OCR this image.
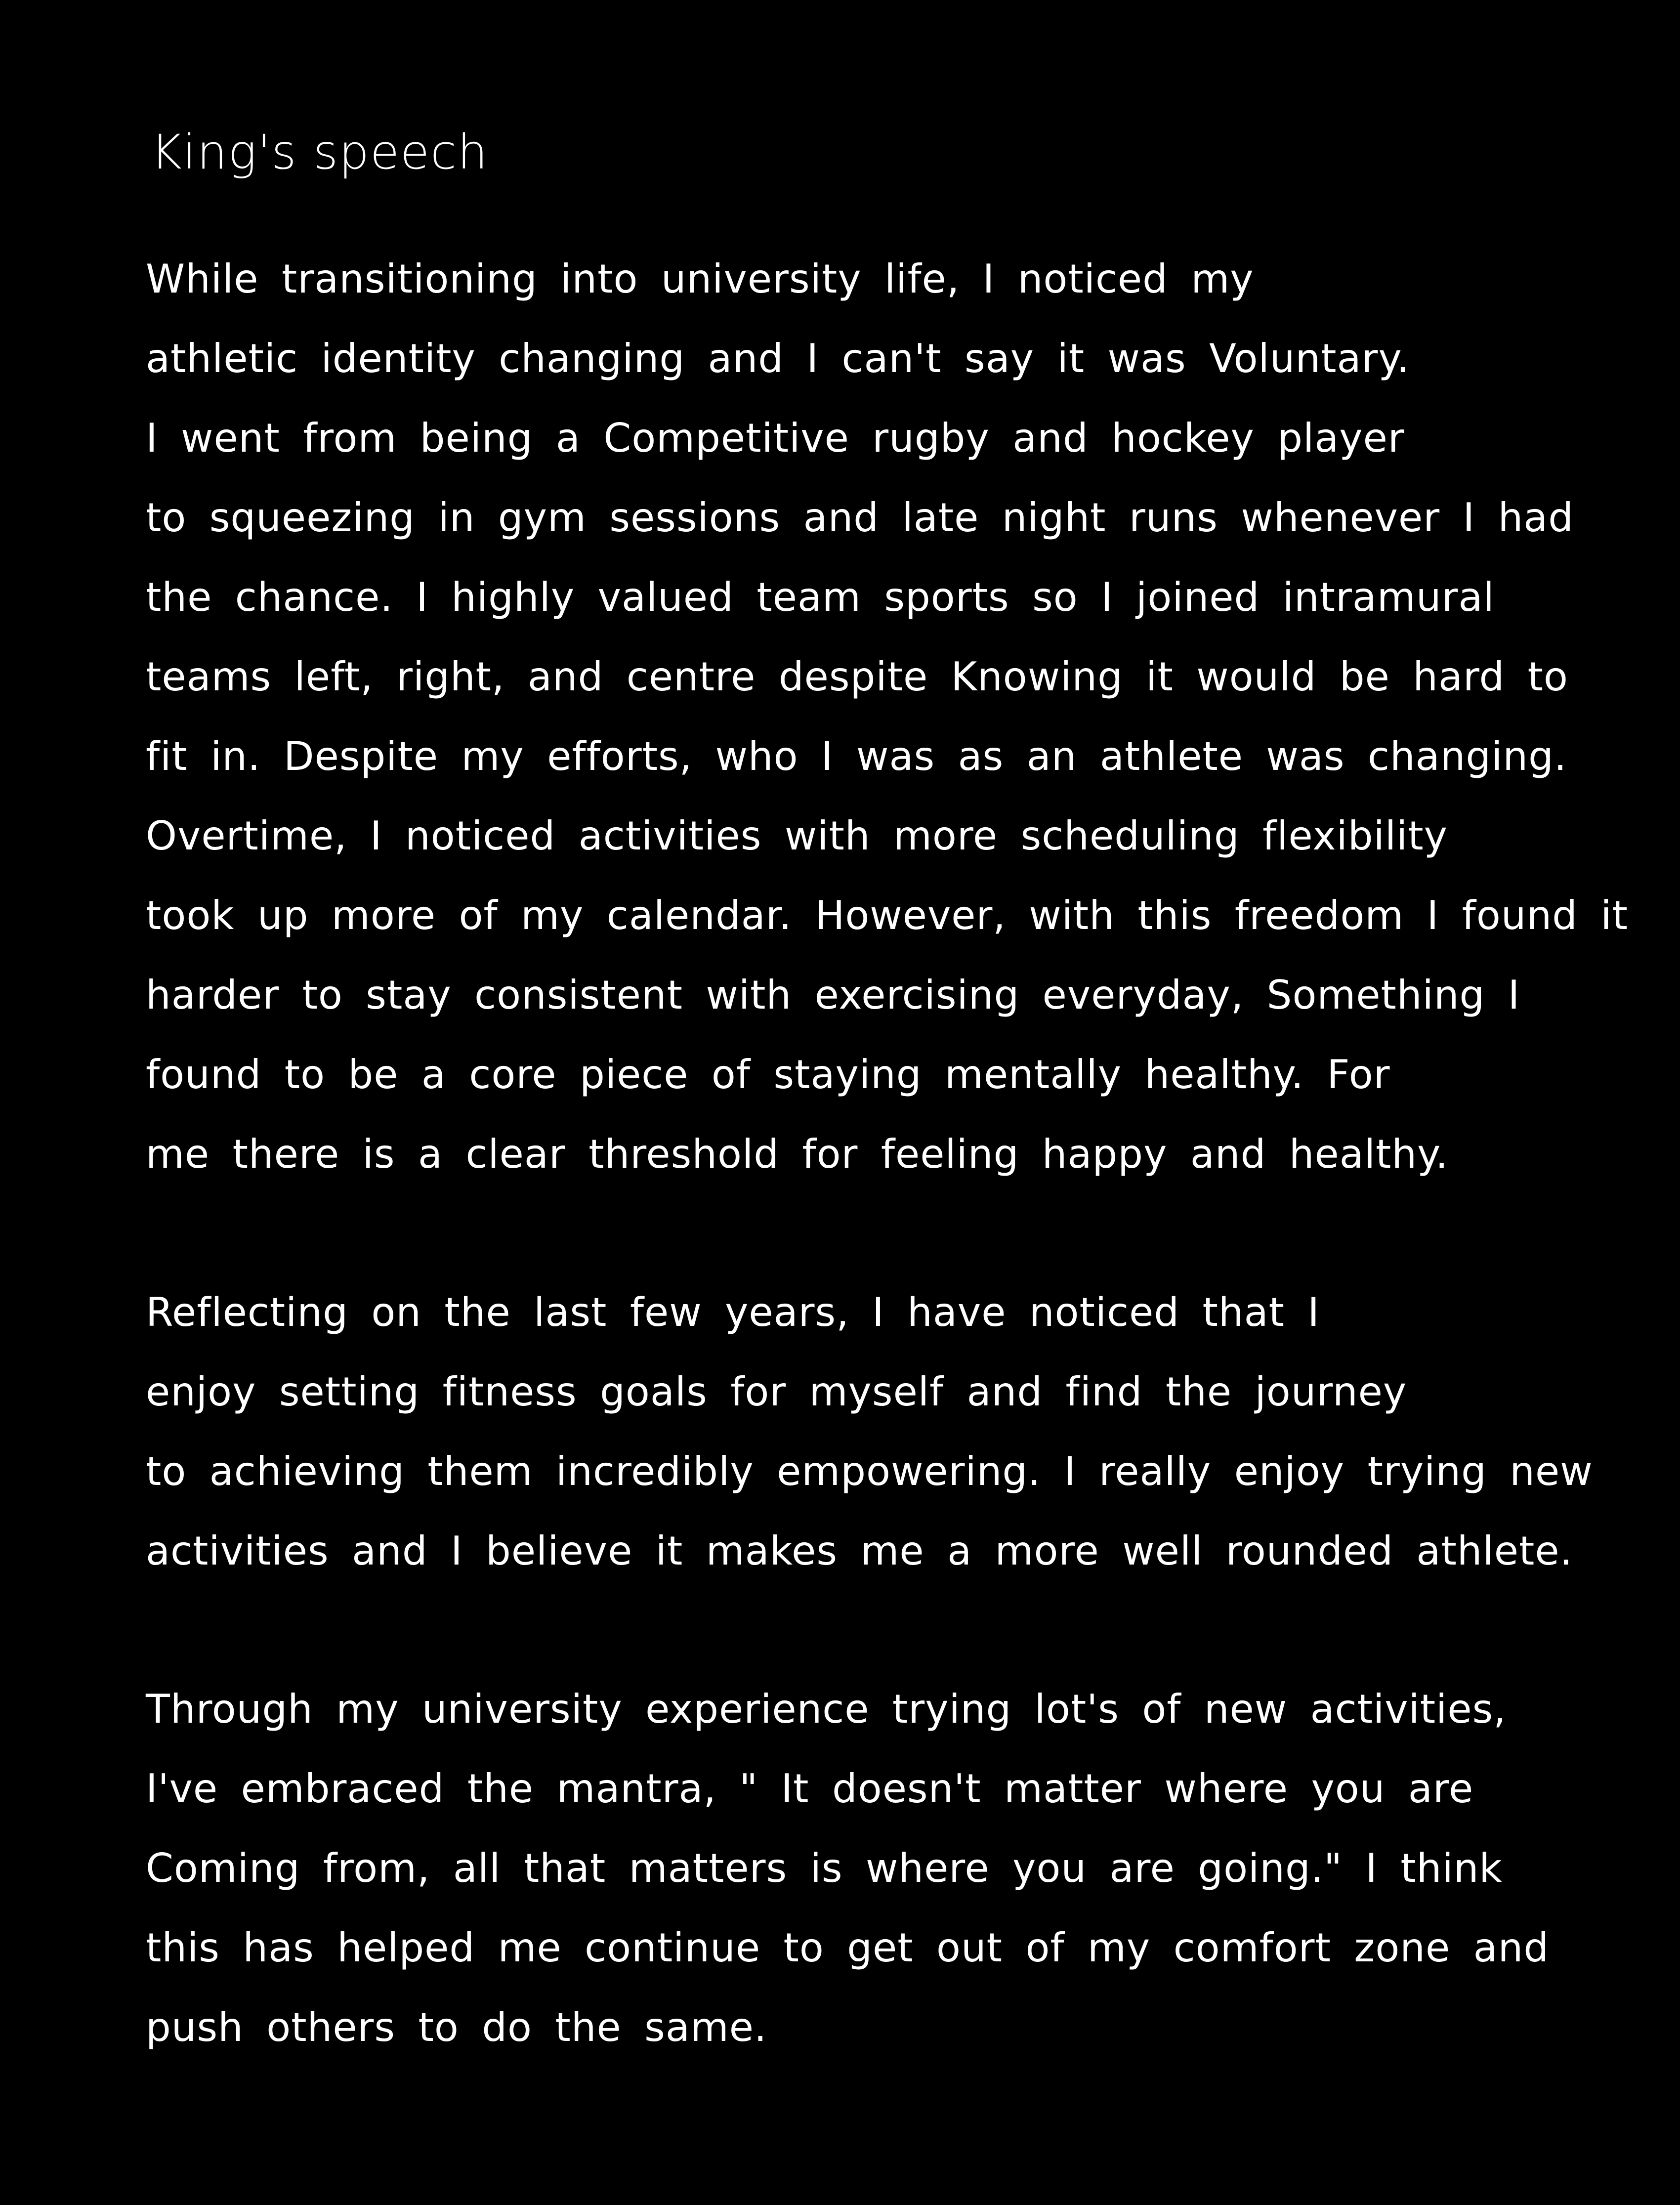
King's speech
While transitioning into university life, I noticed my
athletic identity changing and I can't say it was Voluntary.
I went from being a Competitive rugby and hockey player
to squeezing in gym sessions and late night runs whenever I had
the chance. I highly valued team sports so I joined intramural
teams left, right, and centre despite Knowing it would be hard to
fit in. Despite my efforts, who I was as an athlete was changing.
Overtime, I noticed activities with more scheduling flexibility
took up more of my calendar. However, with this freedom I found it
harder to stay consistent with exercising everyday, Something I
found to be a core piece of staying mentally healthy. For
me there is a clear threshold for feeling happy and healthy.
Reflecting on the last few years, I have noticed that I
enjoy setting fitness goals for myself and find the journey
to achieving them incredibly empowering. I really enjoy trying new
activities and I believe it makes me a more well rounded athlete.
Through my university experience trying lot's of new activities,
I've embraced the mantra, " It doesn't matter where you are
Coming from, all that matters is where you are going." I think
this has helped me continue to get out of my comfort zone and
push others to do the same.
